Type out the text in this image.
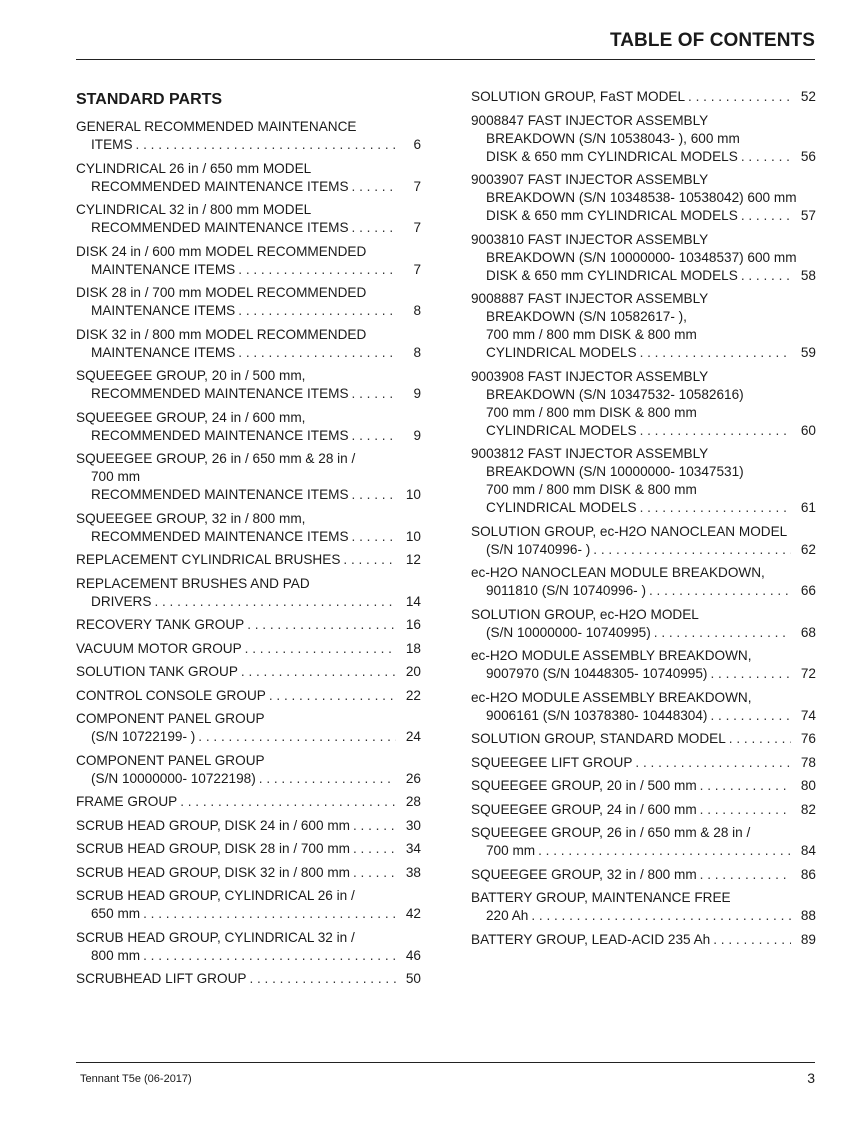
TABLE OF CONTENTS
STANDARD PARTS
GENERAL RECOMMENDED MAINTENANCE
ITEMS . . .	6
CYLINDRICAL 26 in / 650 mm MODEL
RECOMMENDED MAINTENANCE ITEMS . . .	7
CYLINDRICAL 32 in / 800 mm MODEL
RECOMMENDED MAINTENANCE ITEMS . . .	7
DISK 24 in / 600 mm MODEL RECOMMENDED
MAINTENANCE ITEMS . . .	7
DISK 28 in / 700 mm MODEL RECOMMENDED
MAINTENANCE ITEMS . . .	8
DISK 32 in / 800 mm MODEL RECOMMENDED
MAINTENANCE ITEMS . . .	8
SQUEEGEE GROUP, 20 in / 500 mm,
RECOMMENDED MAINTENANCE ITEMS . . .	9
SQUEEGEE GROUP, 24 in / 600 mm,
RECOMMENDED MAINTENANCE ITEMS . . .	9
SQUEEGEE GROUP, 26 in / 650 mm & 28 in /
700 mm
RECOMMENDED MAINTENANCE ITEMS . . .	10
SQUEEGEE GROUP, 32 in / 800 mm,
RECOMMENDED MAINTENANCE ITEMS . . .	10
REPLACEMENT CYLINDRICAL BRUSHES . . .	12
REPLACEMENT BRUSHES AND PAD
DRIVERS . . .	14
RECOVERY TANK GROUP . . .	16
VACUUM MOTOR GROUP . . .	18
SOLUTION TANK GROUP . . .	20
CONTROL CONSOLE GROUP . . .	22
COMPONENT PANEL GROUP
(S/N 10722199- ) . . .	24
COMPONENT PANEL GROUP
(S/N 10000000- 10722198) . . .	26
FRAME GROUP . . .	28
SCRUB HEAD GROUP, DISK 24 in / 600 mm . . .	30
SCRUB HEAD GROUP, DISK 28 in / 700 mm . . .	34
SCRUB HEAD GROUP, DISK 32 in / 800 mm . . .	38
SCRUB HEAD GROUP, CYLINDRICAL 26 in /
650 mm . . .	42
SCRUB HEAD GROUP, CYLINDRICAL 32 in /
800 mm . . .	46
SCRUBHEAD LIFT GROUP . . .	50
SOLUTION GROUP, FaST MODEL . . .	52
9008847 FAST INJECTOR ASSEMBLY
BREAKDOWN (S/N 10538043- ), 600 mm
DISK & 650 mm CYLINDRICAL MODELS . . .	56
9003907 FAST INJECTOR ASSEMBLY
BREAKDOWN (S/N 10348538- 10538042) 600 mm
DISK & 650 mm CYLINDRICAL MODELS . . .	57
9003810 FAST INJECTOR ASSEMBLY
BREAKDOWN (S/N 10000000- 10348537) 600 mm
DISK & 650 mm CYLINDRICAL MODELS . . .	58
9008887 FAST INJECTOR ASSEMBLY
BREAKDOWN (S/N 10582617- ),
700 mm / 800 mm DISK & 800 mm
CYLINDRICAL MODELS . . .	59
9003908 FAST INJECTOR ASSEMBLY
BREAKDOWN (S/N 10347532- 10582616)
700 mm / 800 mm DISK & 800 mm
CYLINDRICAL MODELS . . .	60
9003812 FAST INJECTOR ASSEMBLY
BREAKDOWN (S/N 10000000- 10347531)
700 mm / 800 mm DISK & 800 mm
CYLINDRICAL MODELS . . .	61
SOLUTION GROUP, ec-H2O NANOCLEAN MODEL
(S/N 10740996- ) . . .	62
ec-H2O NANOCLEAN MODULE BREAKDOWN,
9011810 (S/N 10740996- ) . . .	66
SOLUTION GROUP, ec-H2O MODEL
(S/N 10000000- 10740995) . . .	68
ec-H2O MODULE ASSEMBLY BREAKDOWN,
9007970 (S/N 10448305- 10740995) . . .	72
ec-H2O MODULE ASSEMBLY BREAKDOWN,
9006161 (S/N 10378380- 10448304) . . .	74
SOLUTION GROUP, STANDARD MODEL . . .	76
SQUEEGEE LIFT GROUP . . .	78
SQUEEGEE GROUP, 20 in / 500 mm . . .	80
SQUEEGEE GROUP, 24 in / 600 mm . . .	82
SQUEEGEE GROUP, 26 in / 650 mm & 28 in /
700 mm . . .	84
SQUEEGEE GROUP, 32 in / 800 mm . . .	86
BATTERY GROUP, MAINTENANCE FREE
220 Ah . . .	88
BATTERY GROUP, LEAD-ACID 235 Ah . . .	89
Tennant T5e (06-2017)	3
